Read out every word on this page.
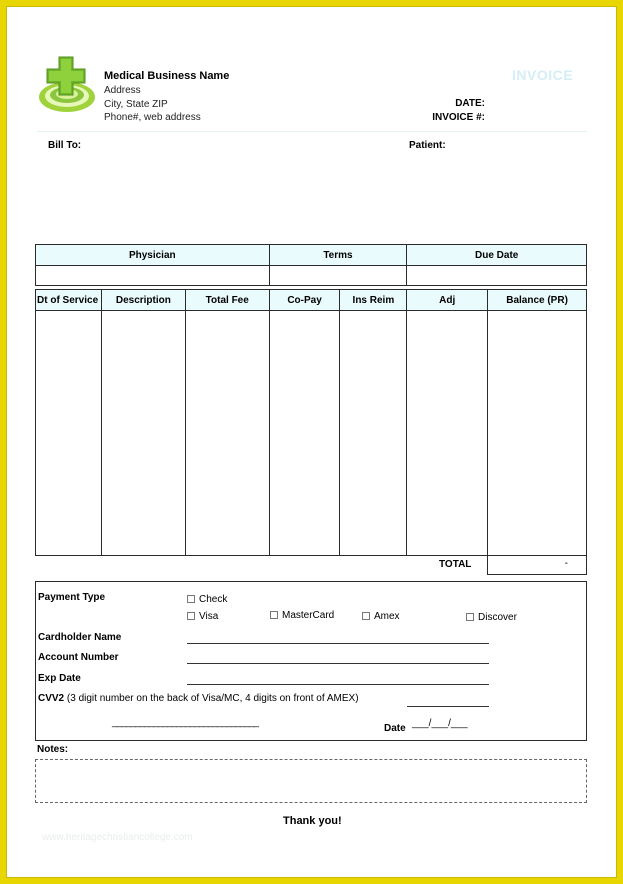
Medical Business Name
Address
City, State ZIP
Phone#, web address
INVOICE
DATE:
INVOICE #:
Bill To:	Patient:
Physician	Terms	Due Date

Dt of Service	Description	Total Fee	Co-Pay	Ins Reim	Adj	Balance (PR)

TOTAL	-
Payment Type	Check
Visa	MasterCard	Amex	Discover
Cardholder Name
Account Number
Exp Date
CVV2 (3 digit number on the back of Visa/MC, 4 digits on front of AMEX)
________________________________
Date ___/___/___
Notes:
www.heritagechristiancollege.com
Thank you!
